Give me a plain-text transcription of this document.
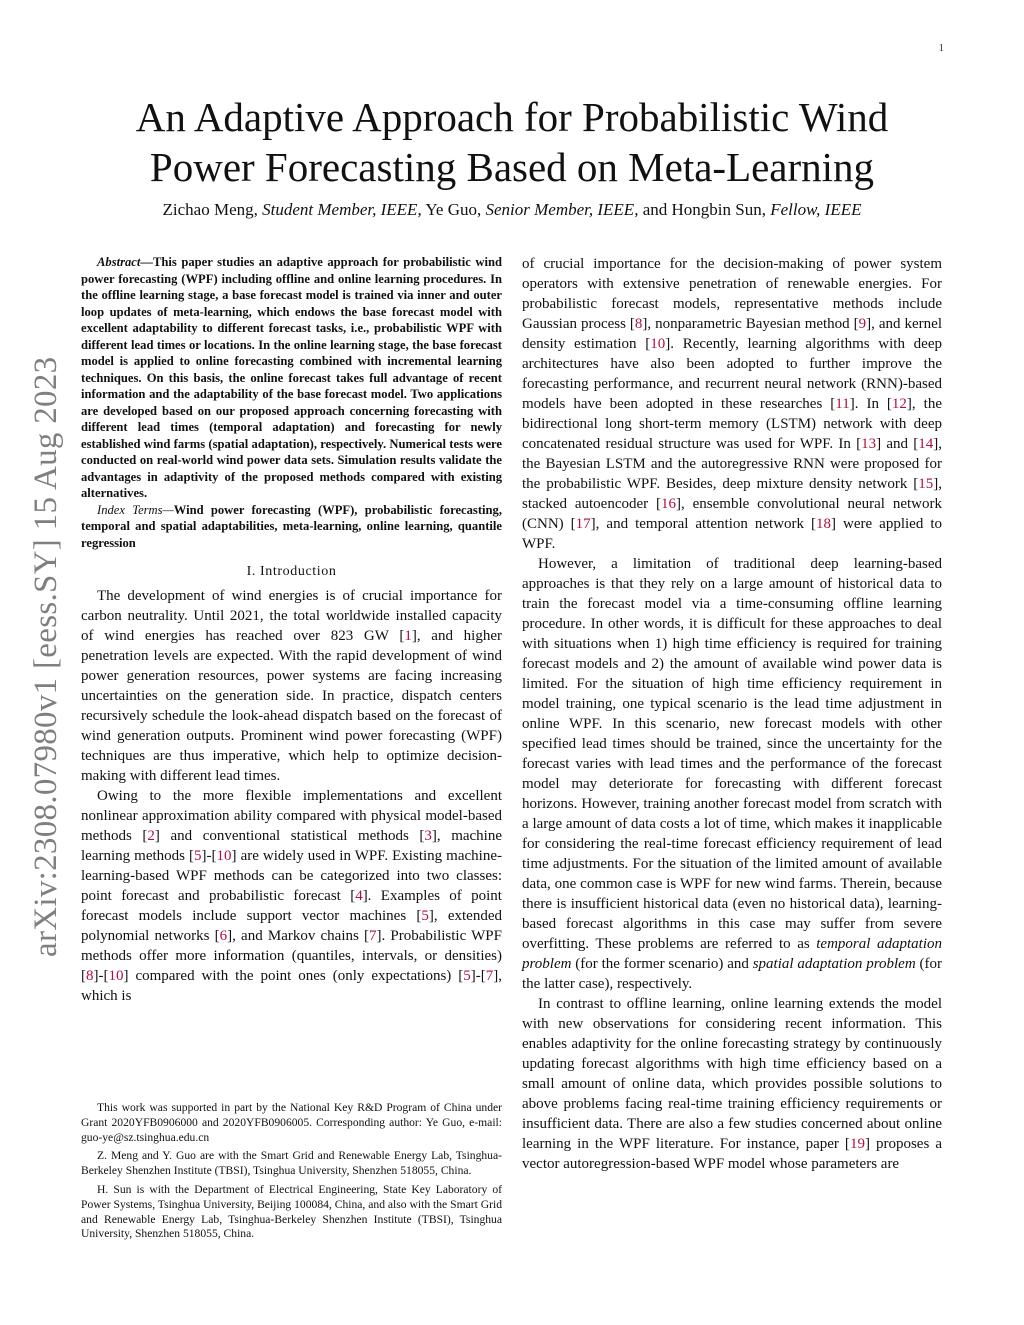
1
arXiv:2308.07980v1 [eess.SY] 15 Aug 2023
An Adaptive Approach for Probabilistic Wind
Power Forecasting Based on Meta-Learning
Zichao Meng, Student Member, IEEE, Ye Guo, Senior Member, IEEE, and Hongbin Sun, Fellow, IEEE

Abstract—This paper studies an adaptive approach for probabilistic wind power forecasting (WPF) including offline and online learning procedures. In the offline learning stage, a base forecast model is trained via inner and outer loop updates of meta-learning, which endows the base forecast model with excellent adaptability to different forecast tasks, i.e., probabilistic WPF with different lead times or locations. In the online learning stage, the base forecast model is applied to online forecasting combined with incremental learning techniques. On this basis, the online forecast takes full advantage of recent information and the adaptability of the base forecast model. Two applications are developed based on our proposed approach concerning forecasting with different lead times (temporal adaptation) and forecasting for newly established wind farms (spatial adaptation), respectively. Numerical tests were conducted on real-world wind power data sets. Simulation results validate the advantages in adaptivity of the proposed methods compared with existing alternatives.

Index Terms—Wind power forecasting (WPF), probabilistic forecasting, temporal and spatial adaptabilities, meta-learning, online learning, quantile regression

I. Introduction

The development of wind energies is of crucial importance for carbon neutrality. Until 2021, the total worldwide installed capacity of wind energies has reached over 823 GW [1], and higher penetration levels are expected. With the rapid development of wind power generation resources, power systems are facing increasing uncertainties on the generation side. In practice, dispatch centers recursively schedule the look-ahead dispatch based on the forecast of wind generation outputs. Prominent wind power forecasting (WPF) techniques are thus imperative, which help to optimize decision-making with different lead times.

Owing to the more flexible implementations and excellent nonlinear approximation ability compared with physical model-based methods [2] and conventional statistical methods [3], machine learning methods [5]-[10] are widely used in WPF. Existing machine-learning-based WPF methods can be categorized into two classes: point forecast and probabilistic forecast [4]. Examples of point forecast models include support vector machines [5], extended polynomial networks [6], and Markov chains [7]. Probabilistic WPF methods offer more information (quantiles, intervals, or densities) [8]-[10] compared with the point ones (only expectations) [5]-[7], which is

This work was supported in part by the National Key R&D Program of China under Grant 2020YFB0906000 and 2020YFB0906005. Corresponding author: Ye Guo, e-mail: guo-ye@sz.tsinghua.edu.cn

Z. Meng and Y. Guo are with the Smart Grid and Renewable Energy Lab, Tsinghua-Berkeley Shenzhen Institute (TBSI), Tsinghua University, Shenzhen 518055, China.

H. Sun is with the Department of Electrical Engineering, State Key Laboratory of Power Systems, Tsinghua University, Beijing 100084, China, and also with the Smart Grid and Renewable Energy Lab, Tsinghua-Berkeley Shenzhen Institute (TBSI), Tsinghua University, Shenzhen 518055, China.

of crucial importance for the decision-making of power system operators with extensive penetration of renewable energies. For probabilistic forecast models, representative methods include Gaussian process [8], nonparametric Bayesian method [9], and kernel density estimation [10]. Recently, learning algorithms with deep architectures have also been adopted to further improve the forecasting performance, and recurrent neural network (RNN)-based models have been adopted in these researches [11]. In [12], the bidirectional long short-term memory (LSTM) network with deep concatenated residual structure was used for WPF. In [13] and [14], the Bayesian LSTM and the autoregressive RNN were proposed for the probabilistic WPF. Besides, deep mixture density network [15], stacked autoencoder [16], ensemble convolutional neural network (CNN) [17], and temporal attention network [18] were applied to WPF.

However, a limitation of traditional deep learning-based approaches is that they rely on a large amount of historical data to train the forecast model via a time-consuming offline learning procedure. In other words, it is difficult for these approaches to deal with situations when 1) high time efficiency is required for training forecast models and 2) the amount of available wind power data is limited. For the situation of high time efficiency requirement in model training, one typical scenario is the lead time adjustment in online WPF. In this scenario, new forecast models with other specified lead times should be trained, since the uncertainty for the forecast varies with lead times and the performance of the forecast model may deteriorate for forecasting with different forecast horizons. However, training another forecast model from scratch with a large amount of data costs a lot of time, which makes it inapplicable for considering the real-time forecast efficiency requirement of lead time adjustments. For the situation of the limited amount of available data, one common case is WPF for new wind farms. Therein, because there is insufficient historical data (even no historical data), learning-based forecast algorithms in this case may suffer from severe overfitting. These problems are referred to as temporal adaptation problem (for the former scenario) and spatial adaptation problem (for the latter case), respectively.

In contrast to offline learning, online learning extends the model with new observations for considering recent information. This enables adaptivity for the online forecasting strategy by continuously updating forecast algorithms with high time efficiency based on a small amount of online data, which provides possible solutions to above problems facing real-time training efficiency requirements or insufficient data. There are also a few studies concerned about online learning in the WPF literature. For instance, paper [19] proposes a vector autoregression-based WPF model whose parameters are
